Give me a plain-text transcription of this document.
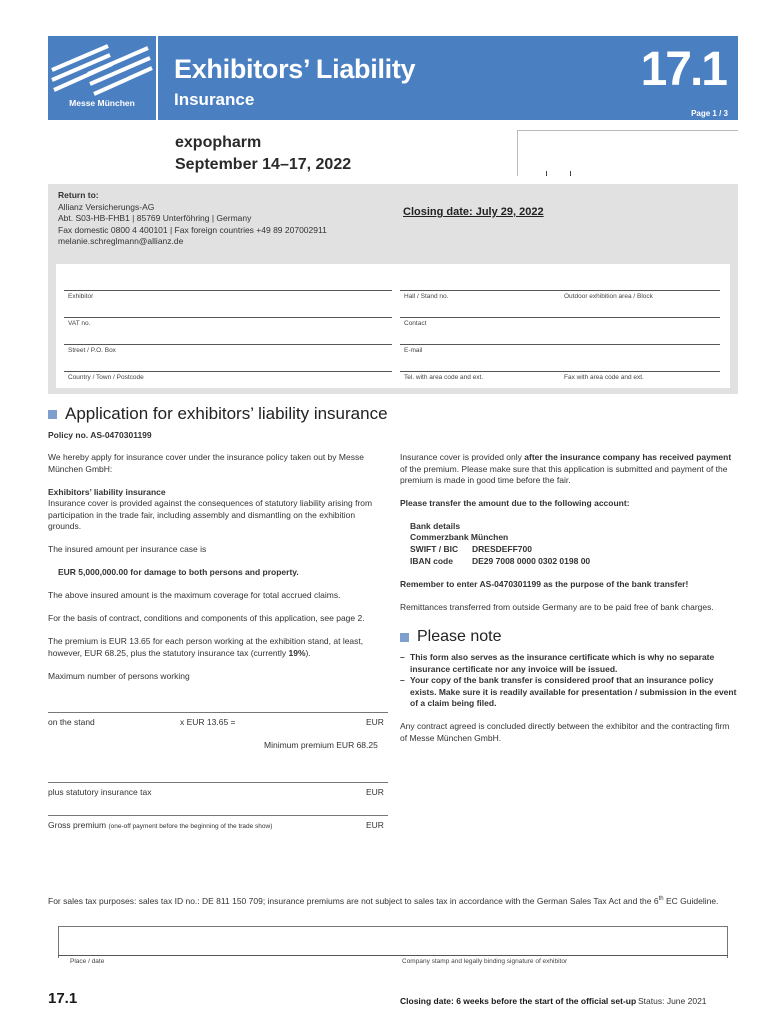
Messe München
Exhibitors’ Liability
Insurance
17.1
Page 1 / 3
expopharm
September 14–17, 2022
Return to:
Allianz Versicherungs-AG
Abt. S03-HB-FHB1 | 85769 Unterföhring | Germany
Fax domestic 0800 4 400101 | Fax foreign countries +49 89 207002911
melanie.schreglmann@allianz.de
Closing date: July 29, 2022
Exhibitor	Hall / Stand no.	Outdoor exhibition area / Block
VAT no.	Contact
Street / P.O. Box	E-mail
Country / Town / Postcode	Tel. with area code and ext.	Fax with area code and ext.
Application for exhibitors’ liability insurance
Policy no. AS-0470301199
We hereby apply for insurance cover under the insurance policy taken out by Messe München GmbH:
Exhibitors’ liability insurance
Insurance cover is provided against the consequences of statutory liability arising from participation in the trade fair, including assembly and dismantling on the exhibition grounds.
The insured amount per insurance case is
EUR 5,000,000.00 for damage to both persons and property.
The above insured amount is the maximum coverage for total accrued claims.
For the basis of contract, conditions and components of this application, see page 2.
The premium is EUR 13.65 for each person working at the exhibition stand, at least, however, EUR 68.25, plus the statutory insurance tax (currently 19%).
Maximum number of persons working
on the stand	x EUR 13.65 =	EUR
Minimum premium EUR 68.25
plus statutory insurance tax	EUR
Gross premium (one-off payment before the beginning of the trade show)	EUR
Insurance cover is provided only after the insurance company has received payment of the premium. Please make sure that this application is submitted and payment of the premium is made in good time before the fair.
Please transfer the amount due to the following account:
Bank details
Commerzbank München
SWIFT / BIC DRESDEFF700
IBAN code DE29 7008 0000 0302 0198 00
Remember to enter AS-0470301199 as the purpose of the bank transfer!
Remittances transferred from outside Germany are to be paid free of bank charges.
Please note
– This form also serves as the insurance certificate which is why no separate insurance certificate nor any invoice will be issued.
– Your copy of the bank transfer is considered proof that an insurance policy exists. Make sure it is readily available for presentation / submission in the event of a claim being filed.
Any contract agreed is concluded directly between the exhibitor and the contracting firm of Messe München GmbH.
For sales tax purposes: sales tax ID no.: DE 811 150 709; insurance premiums are not subject to sales tax in accordance with the German Sales Tax Act and the 6th EC Guideline.
Place / date	Company stamp and legally binding signature of exhibitor
17.1	Closing date: 6 weeks before the start of the official set-up Status: June 2021
